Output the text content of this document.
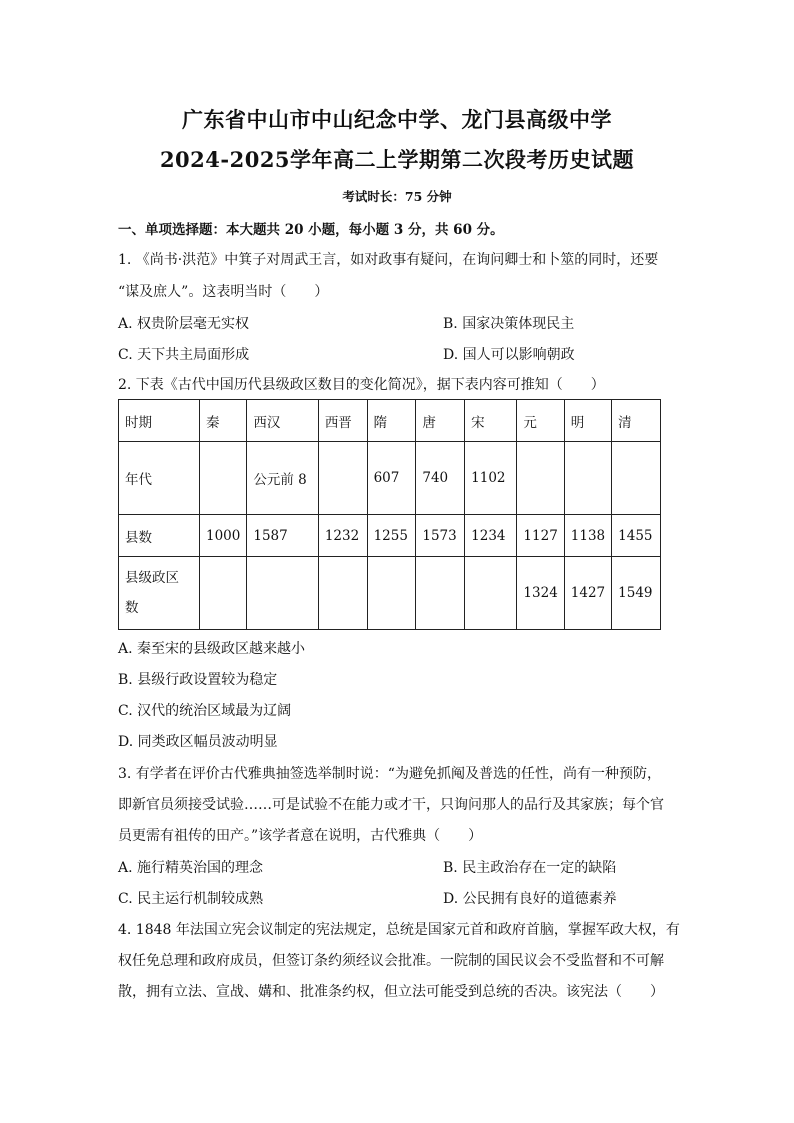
广东省中山市中山纪念中学、龙门县高级中学
2024-2025学年高二上学期第二次段考历史试题
考试时长：75 分钟
一、单项选择题：本大题共 20 小题，每小题 3 分，共 60 分。
1. 《尚书·洪范》中箕子对周武王言，如对政事有疑问，在询问卿士和卜筮的同时，还要
“谋及庶人”。这表明当时（　　）
A. 权贵阶层毫无实权	B. 国家决策体现民主
C. 天下共主局面形成	D. 国人可以影响朝政
2. 下表《古代中国历代县级政区数目的变化简况》，据下表内容可推知（　　）
时期	秦	西汉	西晋	隋	唐	宋	元	明	清
年代		公元前 8		607	740	1102			
县数	1000	1587	1232	1255	1573	1234	1127	1138	1455

县级政区
数							1324	1427	1549
A. 秦至宋的县级政区越来越小
B. 县级行政设置较为稳定
C. 汉代的统治区域最为辽阔
D. 同类政区幅员波动明显
3. 有学者在评价古代雅典抽签选举制时说：“为避免抓阄及普选的任性，尚有一种预防，
即新官员须接受试验……可是试验不在能力或才干，只询问那人的品行及其家族；每个官
员更需有祖传的田产。”该学者意在说明，古代雅典（　　）
A. 施行精英治国的理念	B. 民主政治存在一定的缺陷
C. 民主运行机制较成熟	D. 公民拥有良好的道德素养
4. 1848 年法国立宪会议制定的宪法规定，总统是国家元首和政府首脑，掌握军政大权，有
权任免总理和政府成员，但签订条约须经议会批准。一院制的国民议会不受监督和不可解
散，拥有立法、宣战、媾和、批准条约权，但立法可能受到总统的否决。该宪法（　　）
